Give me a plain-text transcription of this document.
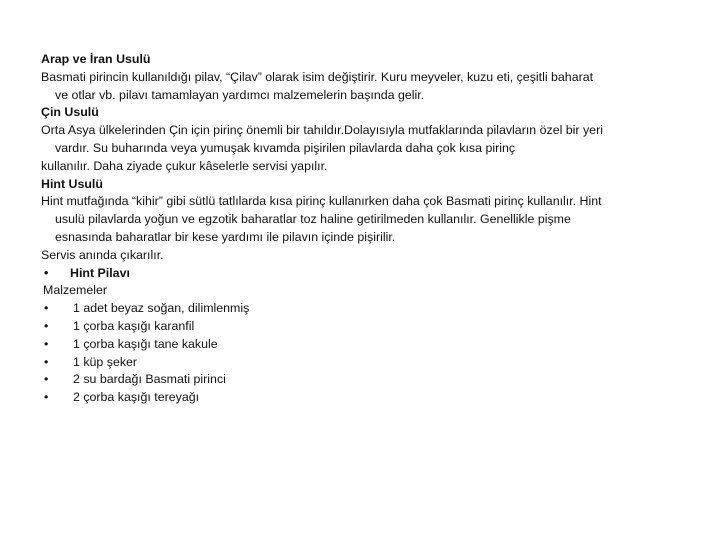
Arap ve İran Usulü
Basmati pirincin kullanıldığı pilav, “Çilav” olarak isim değiştirir. Kuru meyveler, kuzu eti, çeşitli baharat
ve otlar vb. pilavı tamamlayan yardımcı malzemelerin başında gelir.
Çin Usulü
Orta Asya ülkelerinden Çin için pirinç önemli bir tahıldır.Dolayısıyla mutfaklarında pilavların özel bir yeri
vardır. Su buharında veya yumuşak kıvamda pişirilen pilavlarda daha çok kısa pirinç
kullanılır. Daha ziyade çukur kâselerle servisi yapılır.
Hint Usulü
Hint mutfağında “kihir” gibi sütlü tatlılarda kısa pirinç kullanırken daha çok Basmati pirinç kullanılır. Hint
usulü pilavlarda yoğun ve egzotik baharatlar toz haline getirilmeden kullanılır. Genellikle pişme
esnasında baharatlar bir kese yardımı ile pilavın içinde pişirilir.
Servis anında çıkarılır.
•	Hint Pilavı
Malzemeler
•	1 adet beyaz soğan, dilimlenmiş
•	1 çorba kaşığı karanfil
•	1 çorba kaşığı tane kakule
•	1 küp şeker
•	2 su bardağı Basmati pirinci
•	2 çorba kaşığı tereyağı
